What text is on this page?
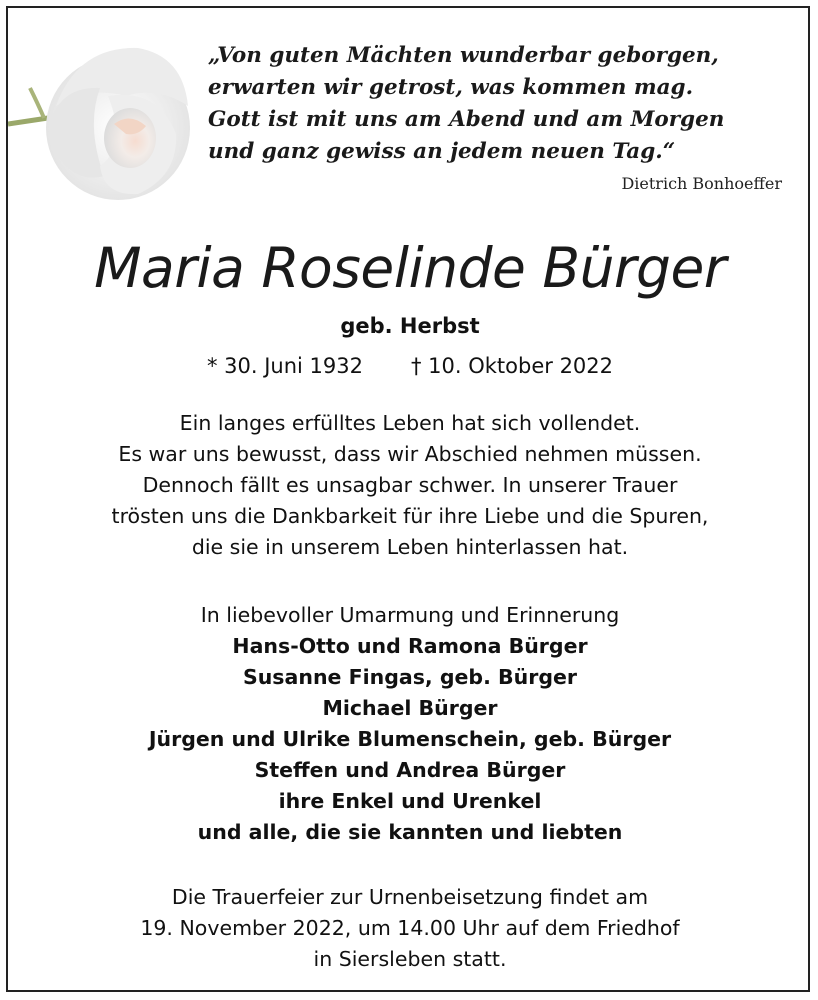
„Von guten Mächten wunderbar geborgen,
erwarten wir getrost, was kommen mag.
Gott ist mit uns am Abend und am Morgen
und ganz gewiss an jedem neuen Tag.“
Dietrich Bonhoeffer
Maria Roselinde Bürger
geb. Herbst
* 30. Juni 1932 † 10. Oktober 2022
Ein langes erfülltes Leben hat sich vollendet.
Es war uns bewusst, dass wir Abschied nehmen müssen.
Dennoch fällt es unsagbar schwer. In unserer Trauer
trösten uns die Dankbarkeit für ihre Liebe und die Spuren,
die sie in unserem Leben hinterlassen hat.
In liebevoller Umarmung und Erinnerung
Hans-Otto und Ramona Bürger
Susanne Fingas, geb. Bürger
Michael Bürger
Jürgen und Ulrike Blumenschein, geb. Bürger
Steffen und Andrea Bürger
ihre Enkel und Urenkel
und alle, die sie kannten und liebten
Die Trauerfeier zur Urnenbeisetzung findet am
19. November 2022, um 14.00 Uhr auf dem Friedhof
in Siersleben statt.
